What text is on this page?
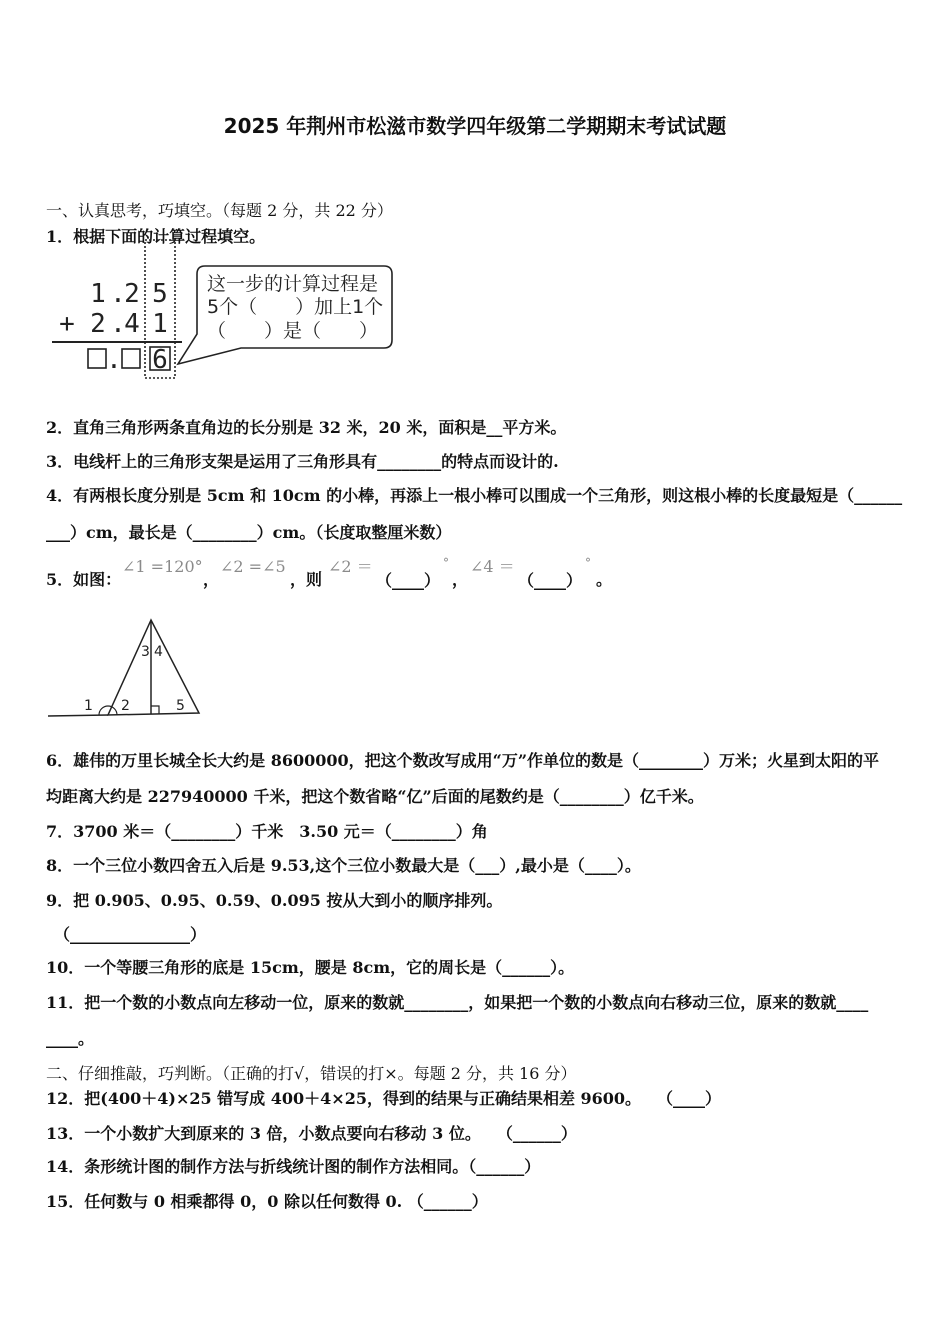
2025 年荆州市松滋市数学四年级第二学期期末考试试题
一、认真思考，巧填空。（每题 2 分，共 22 分）
1．根据下面的计算过程填空。
1 .
2 5
+ 2 .
4 1
. 6
这一步的计算过程是
5个（　　）加上1个
（　　）是（　　）
2．直角三角形两条直角边的长分别是 32 米，20 米，面积是__平方米。
3．电线杆上的三角形支架是运用了三角形具有________的特点而设计的.
4．有两根长度分别是 5cm 和 10cm 的小棒，再添上一根小棒可以围成一个三角形，则这根小棒的长度最短是（______
___）cm，最长是（________）cm。（长度取整厘米数）
5．如图：
∠1 =120°
，
∠2 =∠5
，则
∠2 ＝
（____）
°
，
∠4 ＝
（____）
°
。
3 4
1 2	5
6．雄伟的万里长城全长大约是 8600000，把这个数改写成用“万”作单位的数是（________）万米；火星到太阳的平
均距离大约是 227940000 千米，把这个数省略“亿”后面的尾数约是（________）亿千米。
7．3700 米＝（________）千米　3.50 元＝（________）角
8．一个三位小数四舍五入后是 9.53,这个三位小数最大是（___）,最小是（____）。
9．把 0.905、0.95、0.59、0.095 按从大到小的顺序排列。
（_______________）
10．一个等腰三角形的底是 15cm，腰是 8cm，它的周长是（______）。
11．把一个数的小数点向左移动一位，原来的数就________，如果把一个数的小数点向右移动三位，原来的数就____
____。
二、仔细推敲，巧判断。（正确的打√，错误的打×。每题 2 分，共 16 分）
12．把(400＋4)×25 错写成 400＋4×25，得到的结果与正确结果相差 9600。　　（____）
13．一个小数扩大到原来的 3 倍，小数点要向右移动 3 位。　　（______）
14．条形统计图的制作方法与折线统计图的制作方法相同。（______）
15．任何数与 0 相乘都得 0，0 除以任何数得 0. （______）
